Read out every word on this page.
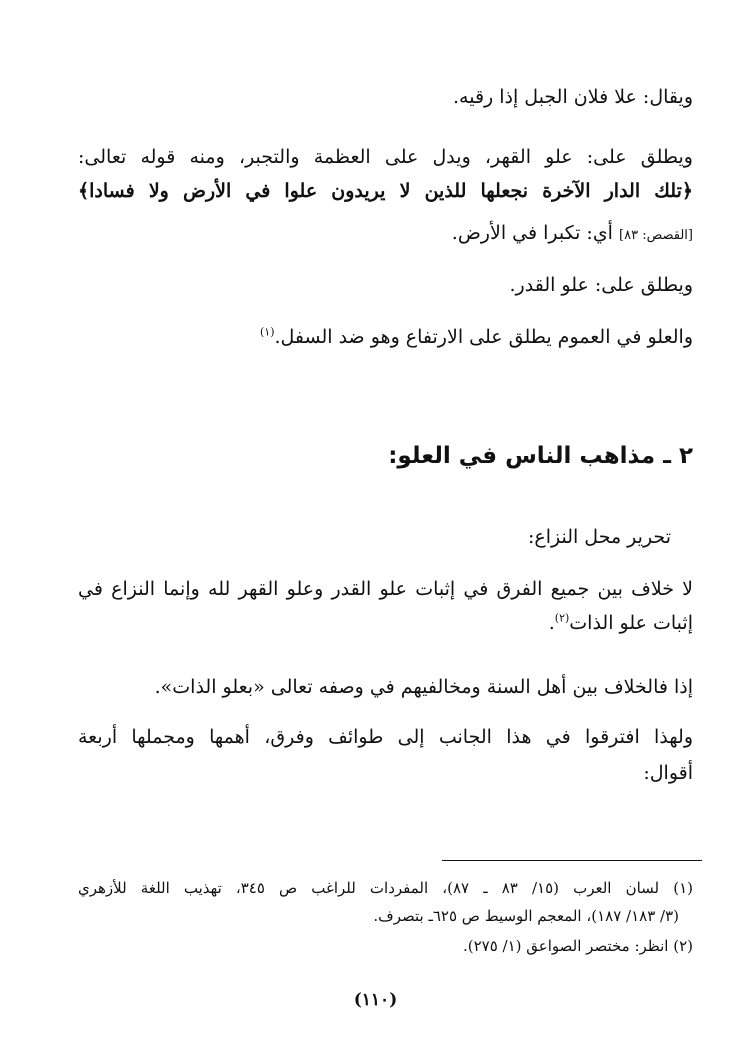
ويقال: علا فلان الجبل إذا رقيه.
ويطلق على: علو القهر، ويدل على العظمة والتجبر، ومنه قوله تعالى:
﴿تلك الدار الآخرة نجعلها للذين لا يريدون علوا في الأرض ولا فسادا﴾
[القصص: ٨٣] أي: تكبرا في الأرض.
ويطلق على: علو القدر.
والعلو في العموم يطلق على الارتفاع وهو ضد السفل.$^{(١)}$
٢ ـ مذاهب الناس في العلو:
تحرير محل النزاع:
لا خلاف بين جميع الفرق في إثبات علو القدر وعلو القهر لله وإنما النزاع في
إثبات علو الذات$^{(٢)}$.
إذا فالخلاف بين أهل السنة ومخالفيهم في وصفه تعالى «بعلو الذات».
ولهذا افترقوا في هذا الجانب إلى طوائف وفرق، أهمها ومجملها أربعة
أقوال:
(١) لسان العرب (١٥/ ٨٣ ـ ٨٧)، المفردات للراغب ص ٣٤٥، تهذيب اللغة للأزهري
(٣/ ١٨٣/ ١٨٧)، المعجم الوسيط ص ٦٢٥ـ بتصرف.
(٢) انظر: مختصر الصواعق (١/ ٢٧٥).
(١١٠)
